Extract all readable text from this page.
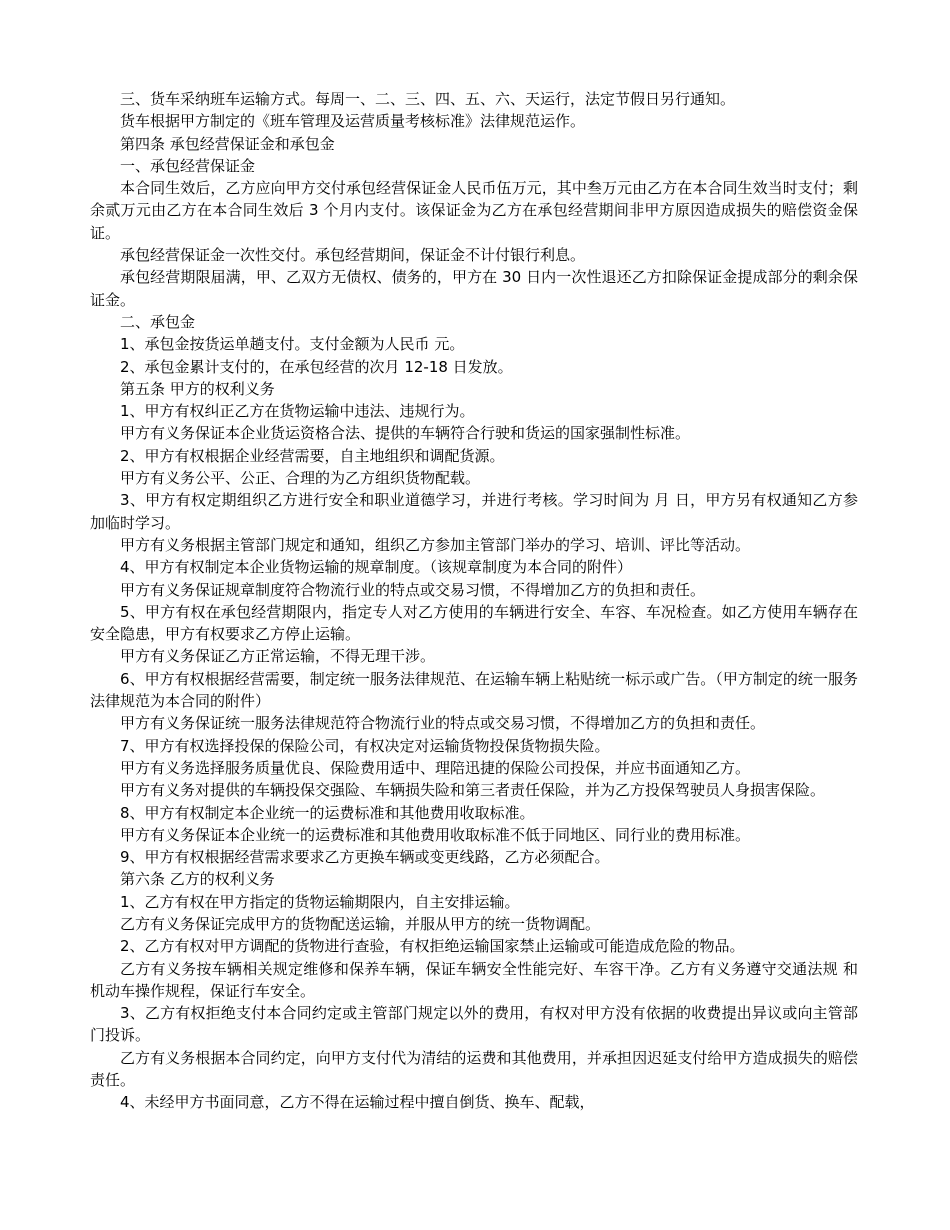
三、货车采纳班车运输方式。每周一、二、三、四、五、六、天运行，法定节假日另行通知。

货车根据甲方制定的《班车管理及运营质量考核标准》法律规范运作。

第四条 承包经营保证金和承包金

一、承包经营保证金

本合同生效后，乙方应向甲方交付承包经营保证金人民币伍万元，其中叁万元由乙方在本合同生效当时支付；剩余贰万元由乙方在本合同生效后 3 个月内支付。该保证金为乙方在承包经营期间非甲方原因造成损失的赔偿资金保证。

承包经营保证金一次性交付。承包经营期间，保证金不计付银行利息。

承包经营期限届满，甲、乙双方无债权、债务的，甲方在 30 日内一次性退还乙方扣除保证金提成部分的剩余保证金。

二、承包金

1、承包金按货运单趟支付。支付金额为人民币 元。

2、承包金累计支付的，在承包经营的次月 12-18 日发放。

第五条 甲方的权利义务

1、甲方有权纠正乙方在货物运输中违法、违规行为。

甲方有义务保证本企业货运资格合法、提供的车辆符合行驶和货运的国家强制性标准。

2、甲方有权根据企业经营需要，自主地组织和调配货源。

甲方有义务公平、公正、合理的为乙方组织货物配载。

3、甲方有权定期组织乙方进行安全和职业道德学习，并进行考核。学习时间为 月 日，甲方另有权通知乙方参加临时学习。

甲方有义务根据主管部门规定和通知，组织乙方参加主管部门举办的学习、培训、评比等活动。

4、甲方有权制定本企业货物运输的规章制度。（该规章制度为本合同的附件）

甲方有义务保证规章制度符合物流行业的特点或交易习惯，不得增加乙方的负担和责任。

5、甲方有权在承包经营期限内，指定专人对乙方使用的车辆进行安全、车容、车况检查。如乙方使用车辆存在安全隐患，甲方有权要求乙方停止运输。

甲方有义务保证乙方正常运输，不得无理干涉。

6、甲方有权根据经营需要，制定统一服务法律规范、在运输车辆上粘贴统一标示或广告。（甲方制定的统一服务法律规范为本合同的附件）

甲方有义务保证统一服务法律规范符合物流行业的特点或交易习惯，不得增加乙方的负担和责任。

7、甲方有权选择投保的保险公司，有权决定对运输货物投保货物损失险。

甲方有义务选择服务质量优良、保险费用适中、理陪迅捷的保险公司投保，并应书面通知乙方。

甲方有义务对提供的车辆投保交强险、车辆损失险和第三者责任保险，并为乙方投保驾驶员人身损害保险。

8、甲方有权制定本企业统一的运费标准和其他费用收取标准。

甲方有义务保证本企业统一的运费标准和其他费用收取标准不低于同地区、同行业的费用标准。

9、甲方有权根据经营需求要求乙方更换车辆或变更线路，乙方必须配合。

第六条 乙方的权利义务

1、乙方有权在甲方指定的货物运输期限内，自主安排运输。

乙方有义务保证完成甲方的货物配送运输，并服从甲方的统一货物调配。

2、乙方有权对甲方调配的货物进行查验，有权拒绝运输国家禁止运输或可能造成危险的物品。

乙方有义务按车辆相关规定维修和保养车辆，保证车辆安全性能完好、车容干净。乙方有义务遵守交通法规 和机动车操作规程，保证行车安全。

3、乙方有权拒绝支付本合同约定或主管部门规定以外的费用，有权对甲方没有依据的收费提出异议或向主管部门投诉。

乙方有义务根据本合同约定，向甲方支付代为清结的运费和其他费用，并承担因迟延支付给甲方造成损失的赔偿责任。

4、未经甲方书面同意，乙方不得在运输过程中擅自倒货、换车、配载，
